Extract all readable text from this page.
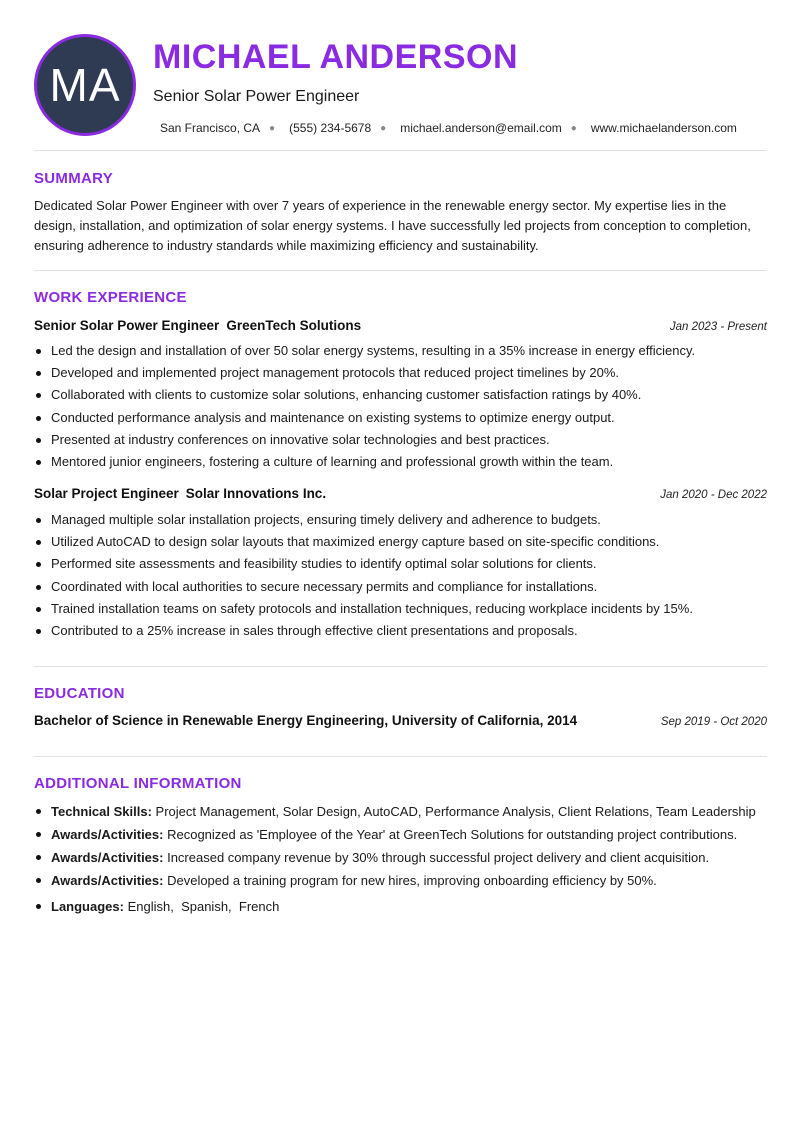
MA
MICHAEL ANDERSON
Senior Solar Power Engineer
San Francisco, CA ● (555) 234-5678 ● michael.anderson@email.com ● www.michaelanderson.com
SUMMARY

Dedicated Solar Power Engineer with over 7 years of experience in the renewable energy sector. My expertise lies in the design, installation, and optimization of solar energy systems. I have successfully led projects from conception to completion, ensuring adherence to industry standards while maximizing efficiency and sustainability.

WORK EXPERIENCE
Senior Solar Power Engineer GreenTech Solutions	Jan 2023 - Present
Led the design and installation of over 50 solar energy systems, resulting in a 35% increase in energy efficiency.
Developed and implemented project management protocols that reduced project timelines by 20%.
Collaborated with clients to customize solar solutions, enhancing customer satisfaction ratings by 40%.
Conducted performance analysis and maintenance on existing systems to optimize energy output.
Presented at industry conferences on innovative solar technologies and best practices.
Mentored junior engineers, fostering a culture of learning and professional growth within the team.
Solar Project Engineer Solar Innovations Inc.	Jan 2020 - Dec 2022
Managed multiple solar installation projects, ensuring timely delivery and adherence to budgets.
Utilized AutoCAD to design solar layouts that maximized energy capture based on site-specific conditions.
Performed site assessments and feasibility studies to identify optimal solar solutions for clients.
Coordinated with local authorities to secure necessary permits and compliance for installations.
Trained installation teams on safety protocols and installation techniques, reducing workplace incidents by 15%.
Contributed to a 25% increase in sales through effective client presentations and proposals.
EDUCATION
Bachelor of Science in Renewable Energy Engineering, University of California, 2014	Sep 2019 - Oct 2020
ADDITIONAL INFORMATION
Technical Skills: Project Management, Solar Design, AutoCAD, Performance Analysis, Client Relations, Team Leadership
Awards/Activities: Recognized as 'Employee of the Year' at GreenTech Solutions for outstanding project contributions.
Awards/Activities: Increased company revenue by 30% through successful project delivery and client acquisition.
Awards/Activities: Developed a training program for new hires, improving onboarding efficiency by 50%.
Languages: English,  Spanish,  French
